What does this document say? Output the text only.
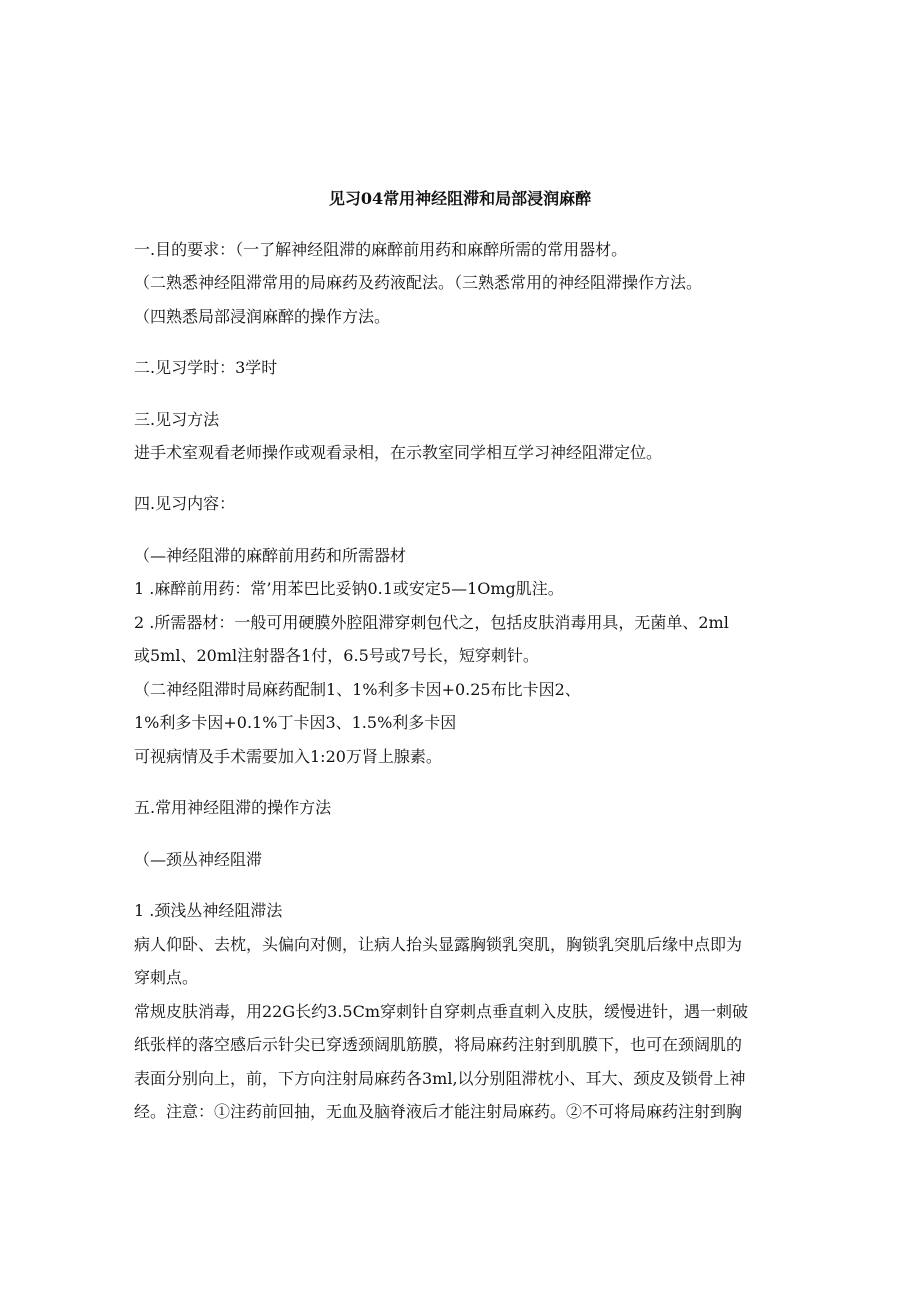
见习04常用神经阻滞和局部浸润麻醉
一.目的要求：（一了解神经阻滞的麻醉前用药和麻醉所需的常用器材。
（二熟悉神经阻滞常用的局麻药及药液配法。（三熟悉常用的神经阻滞操作方法。
（四熟悉局部浸润麻醉的操作方法。
二.见习学时：3学时
三.见习方法
进手术室观看老师操作或观看录相，在示教室同学相互学习神经阻滞定位。
四.见习内容：
（—神经阻滞的麻醉前用药和所需器材
1 .麻醉前用药：常’用苯巴比妥钠0.1或安定5—1Omg肌注。
2 .所需器材：一般可用硬膜外腔阻滞穿刺包代之，包括皮肤消毒用具，无菌单、2ml
或5ml、20ml注射器各1付，6.5号或7号长，短穿刺针。
（二神经阻滞时局麻药配制1、1%利多卡因+0.25布比卡因2、
1%利多卡因+0.1%丁卡因3、1.5%利多卡因
可视病情及手术需要加入1:20万肾上腺素。
五.常用神经阻滞的操作方法
（—颈丛神经阻滞
1 .颈浅丛神经阻滞法
病人仰卧、去枕，头偏向对侧，让病人抬头显露胸锁乳突肌，胸锁乳突肌后缘中点即为
穿刺点。
常规皮肤消毒，用22G长约3.5Cm穿刺针自穿刺点垂直刺入皮肤，缓慢进针，遇一刺破
纸张样的落空感后示针尖已穿透颈阔肌筋膜，将局麻药注射到肌膜下，也可在颈阔肌的
表面分别向上，前，下方向注射局麻药各3ml,以分别阻滞枕小、耳大、颈皮及锁骨上神
经。注意：①注药前回抽，无血及脑脊液后才能注射局麻药。②不可将局麻药注射到胸
